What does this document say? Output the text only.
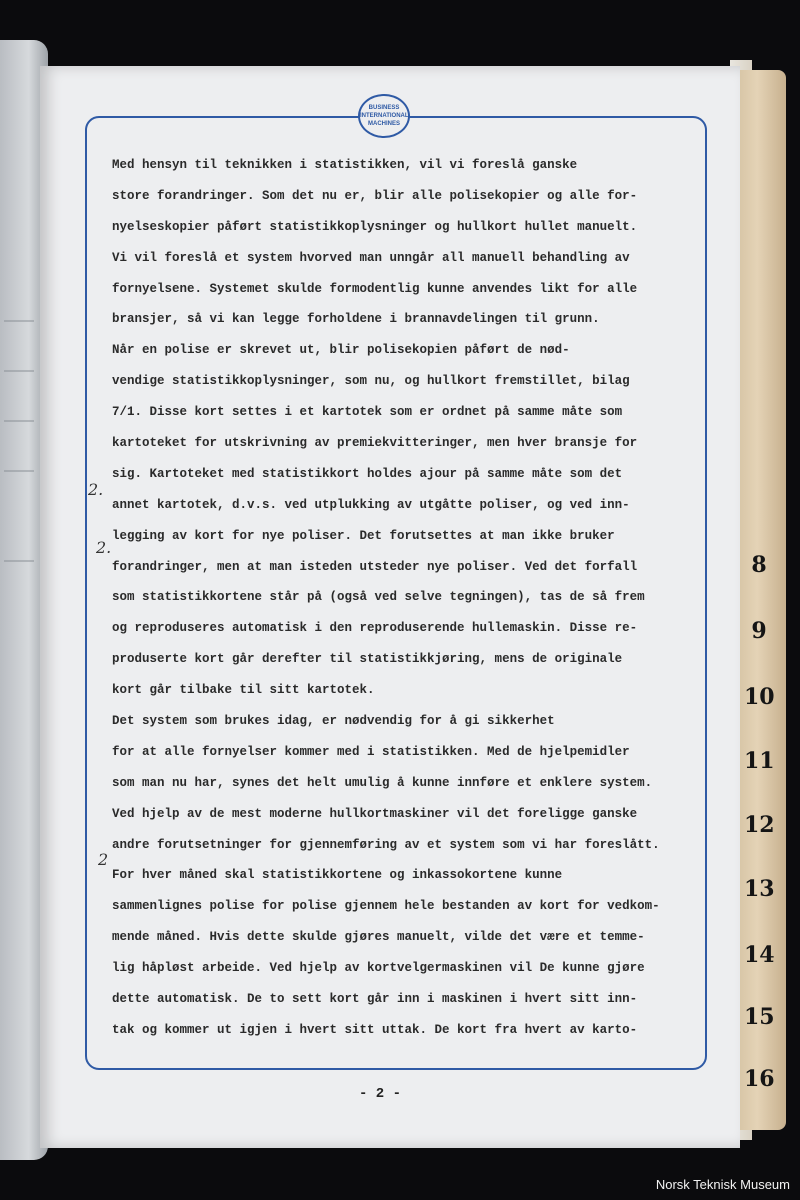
BUSINESS
INTERNATIONAL
MACHINES
Med hensyn til teknikken i statistikken, vil vi foreslå ganske
store forandringer. Som det nu er, blir alle polisekopier og alle for-
nyelseskopier påført statistikkoplysninger og hullkort hullet manuelt.
Vi vil foreslå et system hvorved man unngår all manuell behandling av
fornyelsene. Systemet skulde formodentlig kunne anvendes likt for alle
bransjer, så vi kan legge forholdene i brannavdelingen til grunn.
Når en polise er skrevet ut, blir polisekopien påført de nød-
vendige statistikkoplysninger, som nu, og hullkort fremstillet, bilag
7/1. Disse kort settes i et kartotek som er ordnet på samme måte som
kartoteket for utskrivning av premiekvitteringer, men hver bransje for
sig. Kartoteket med statistikkort holdes ajour på samme måte som det
annet kartotek, d.v.s. ved utplukking av utgåtte poliser, og ved inn-
legging av kort for nye poliser. Det forutsettes at man ikke bruker
forandringer, men at man isteden utsteder nye poliser. Ved det forfall
som statistikkortene står på (også ved selve tegningen), tas de så frem
og reproduseres automatisk i den reproduserende hullemaskin. Disse re-
produserte kort går derefter til statistikkjøring, mens de originale
kort går tilbake til sitt kartotek.
Det system som brukes idag, er nødvendig for å gi sikkerhet
for at alle fornyelser kommer med i statistikken. Med de hjelpemidler
som man nu har, synes det helt umulig å kunne innføre et enklere system.
Ved hjelp av de mest moderne hullkortmaskiner vil det foreligge ganske
andre forutsetninger for gjennemføring av et system som vi har foreslått.
For hver måned skal statistikkortene og inkassokortene kunne
sammenlignes polise for polise gjennem hele bestanden av kort for vedkom-
mende måned. Hvis dette skulde gjøres manuelt, vilde det være et temme-
lig håpløst arbeide. Ved hjelp av kortvelgermaskinen vil De kunne gjøre
dette automatisk. De to sett kort går inn i maskinen i hvert sitt inn-
tak og kommer ut igjen i hvert sitt uttak. De kort fra hvert av karto-
2.
2.
2
- 2 -
8
9
10
11
12
13
14
15
16
Norsk Teknisk Museum
